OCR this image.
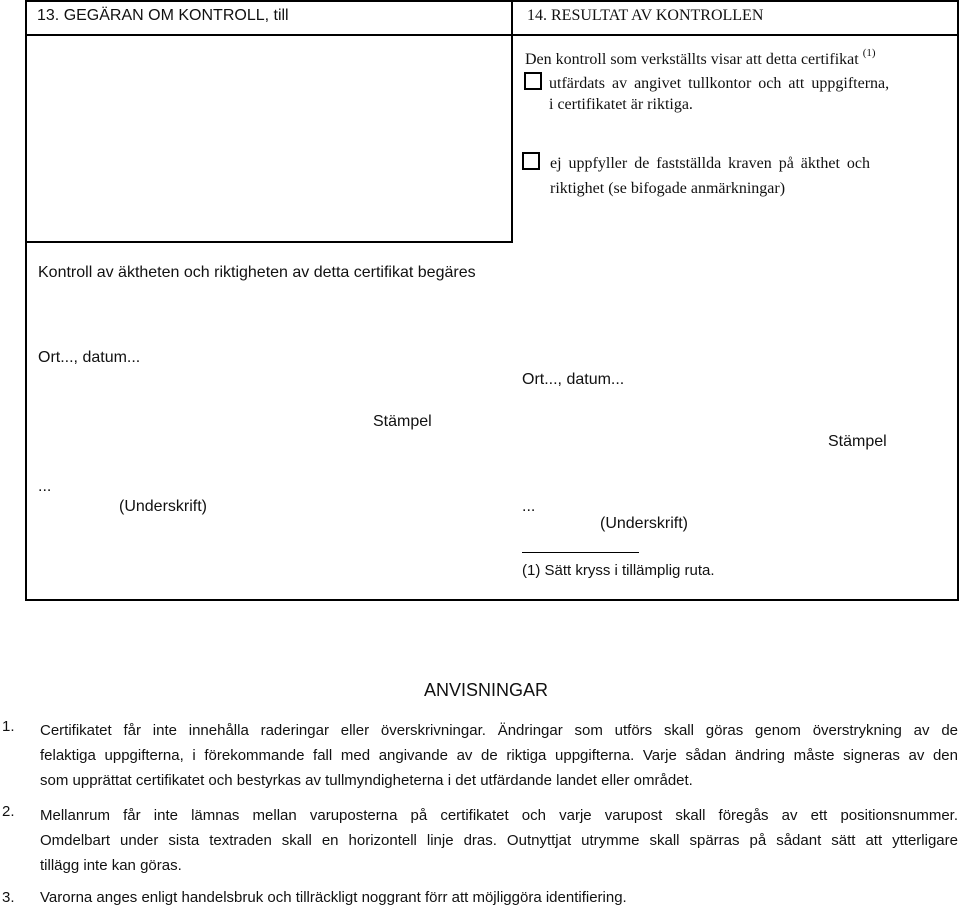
13. GEGÄRAN OM KONTROLL, till
Kontroll av äktheten och riktigheten av detta certifikat begäres
Ort..., datum...
Stämpel
...
(Underskrift)
14. RESULTAT AV KONTROLLEN
Den kontroll som verkställts visar att detta certifikat $^{(1)}$
utfärdats av angivet tullkontor och att uppgifterna,
i certifikatet är riktiga.
ej uppfyller de fastställda kraven på äkthet och
riktighet (se bifogade anmärkningar)
Ort..., datum...
Stämpel
...
(Underskrift)
(1) Sätt kryss i tillämplig ruta.
ANVISNINGAR
1. Certifikatet får inte innehålla raderingar eller överskrivningar. Ändringar som utförs skall göras genom överstrykning av de
felaktiga uppgifterna, i förekommande fall med angivande av de riktiga uppgifterna. Varje sådan ändring måste signeras av den
som upprättat certifikatet och bestyrkas av tullmyndigheterna i det utfärdande landet eller området.
2. Mellanrum får inte lämnas mellan varuposterna på certifikatet och varje varupost skall föregås av ett positionsnummer.
Omdelbart under sista textraden skall en horizontell linje dras. Outnyttjat utrymme skall spärras på sådant sätt att ytterligare
tillägg inte kan göras.
3. Varorna anges enligt handelsbruk och tillräckligt noggrant förr att möjliggöra identifiering.
